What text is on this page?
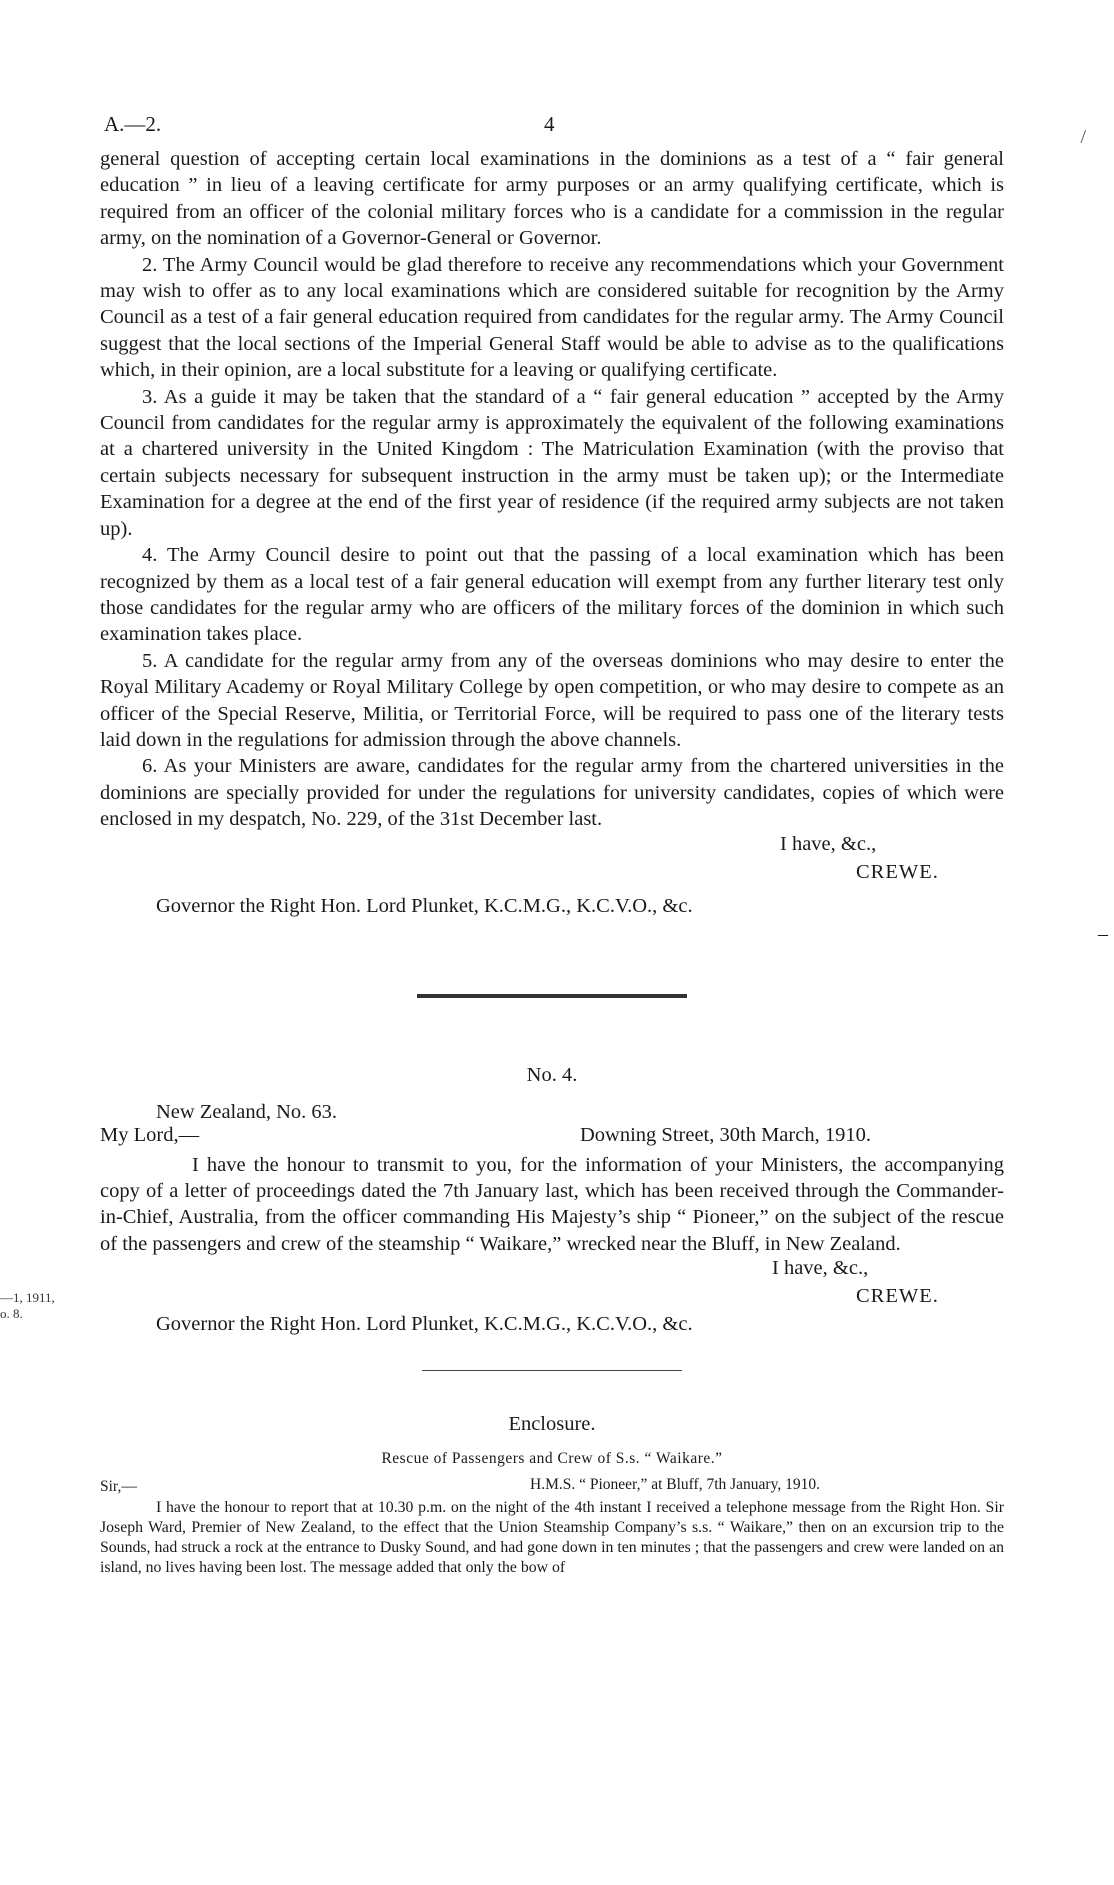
—1, 1911,
o. 8.
–
A.—2.	4
/

general question of accepting certain local examinations in the dominions as a test of a “ fair general education ” in lieu of a leaving certificate for army purposes or an army qualifying certificate, which is required from an officer of the colonial military forces who is a candidate for a commission in the regular army, on the nomination of a Governor-General or Governor.

2. The Army Council would be glad therefore to receive any recommendations which your Government may wish to offer as to any local examinations which are considered suitable for recognition by the Army Council as a test of a fair general education required from candidates for the regular army. The Army Council suggest that the local sections of the Imperial General Staff would be able to advise as to the qualifications which, in their opinion, are a local substitute for a leaving or qualifying certificate.

3. As a guide it may be taken that the standard of a “ fair general education ” accepted by the Army Council from candidates for the regular army is approximately the equivalent of the following examinations at a chartered university in the United Kingdom : The Matriculation Examination (with the proviso that certain subjects necessary for subsequent instruction in the army must be taken up); or the Intermediate Examination for a degree at the end of the first year of residence (if the required army subjects are not taken up).

4. The Army Council desire to point out that the passing of a local examination which has been recognized by them as a local test of a fair general education will exempt from any further literary test only those candidates for the regular army who are officers of the military forces of the dominion in which such examination takes place.

5. A candidate for the regular army from any of the overseas dominions who may desire to enter the Royal Military Academy or Royal Military College by open competition, or who may desire to compete as an officer of the Special Reserve, Militia, or Territorial Force, will be required to pass one of the literary tests laid down in the regulations for admission through the above channels.

6. As your Ministers are aware, candidates for the regular army from the chartered universities in the dominions are specially provided for under the regulations for university candidates, copies of which were enclosed in my despatch, No. 229, of the 31st December last.

I have, &c.,
CREWE.
Governor the Right Hon. Lord Plunket, K.C.M.G., K.C.V.O., &c.
No. 4.
New Zealand, No. 63.
My Lord,—	Downing Street, 30th March, 1910.

I have the honour to transmit to you, for the information of your Ministers, the accompanying copy of a letter of proceedings dated the 7th January last, which has been received through the Commander-in-Chief, Australia, from the officer commanding His Majesty’s ship “ Pioneer,” on the subject of the rescue of the passengers and crew of the steamship “ Waikare,” wrecked near the Bluff, in New Zealand.

I have, &c.,
CREWE.
Governor the Right Hon. Lord Plunket, K.C.M.G., K.C.V.O., &c.
Enclosure.
Rescue of Passengers and Crew of S.s. “ Waikare.”
Sir,—	H.M.S. “ Pioneer,” at Bluff, 7th January, 1910.

I have the honour to report that at 10.30 p.m. on the night of the 4th instant I received a telephone message from the Right Hon. Sir Joseph Ward, Premier of New Zealand, to the effect that the Union Steamship Company’s s.s. “ Waikare,” then on an excursion trip to the Sounds, had struck a rock at the entrance to Dusky Sound, and had gone down in ten minutes ; that the passengers and crew were landed on an island, no lives having been lost. The message added that only the bow of
